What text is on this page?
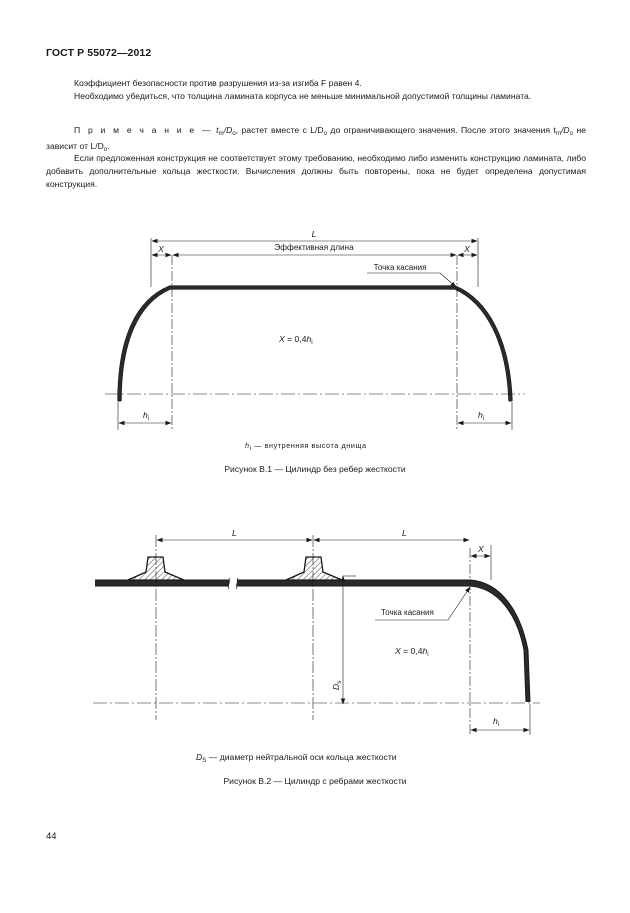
ГОСТ Р 55072—2012

Коэффициент безопасности против разрушения из-за изгиба F равен 4.

Необходимо убедиться, что толщина ламината корпуса не меньше минимальной допустимой толщины ламината.

П р и м е ч а н и е — $t_m/D_o$, растет вместе с $L/D_o$ до ограничивающего значения. После этого значения $t_m/D_o$ не зависит от $L/D_o$.

Если предложенная конструкция не соответствует этому требованию, необходимо либо изменить конструкцию ламината, либо добавить дополнительные кольца жесткости. Вычисления должны быть повторены, пока не будет определена допустимая конструкция.

L
X	X
Эффективная длина
Точка касания
$X = 0,4h_i$
$h_i$	$h_i$
$h_i$ — внутренняя высота днища
Рисунок В.1 — Цилиндр без ребер жесткости
L	L
X
Точка касания
$X = 0,4h_i$
$D_s$
$h_i$
$D_S$ — диаметр нейтральной оси кольца жесткости
Рисунок В.2 — Цилиндр с ребрами жесткости
44
